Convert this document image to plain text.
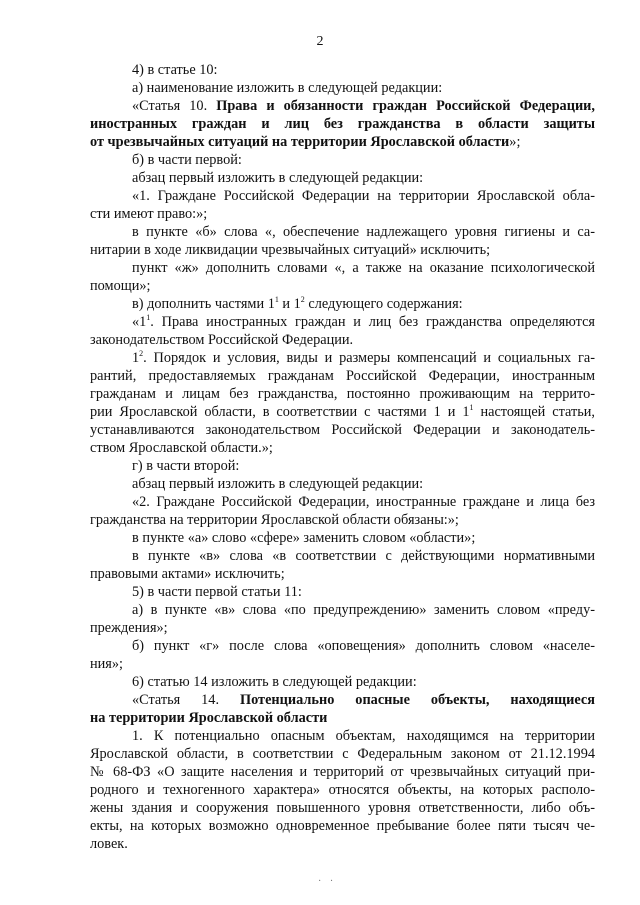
2
4) в статье 10:
а) наименование изложить в следующей редакции:
«Статья 10. Права и обязанности граждан Российской Федерации,
иностранных граждан и лиц без гражданства в области защиты
от чрезвычайных ситуаций на территории Ярославской области»;
б) в части первой:
абзац первый изложить в следующей редакции:
«1. Граждане Российской Федерации на территории Ярославской обла-
сти имеют право:»;
в пункте «б» слова «, обеспечение надлежащего уровня гигиены и са-
нитарии в ходе ликвидации чрезвычайных ситуаций» исключить;
пункт «ж» дополнить словами «, а также на оказание психологической
помощи»;
в) дополнить частями $1^1$ и $1^2$ следующего содержания:
«$1^1$. Права иностранных граждан и лиц без гражданства определяются
законодательством Российской Федерации.
$1^2$. Порядок и условия, виды и размеры компенсаций и социальных га-
рантий, предоставляемых гражданам Российской Федерации, иностранным
гражданам и лицам без гражданства, постоянно проживающим на террито-
рии Ярославской области, в соответствии с частями 1 и $1^1$ настоящей статьи,
устанавливаются законодательством Российской Федерации и законодатель-
ством Ярославской области.»;
г) в части второй:
абзац первый изложить в следующей редакции:
«2. Граждане Российской Федерации, иностранные граждане и лица без
гражданства на территории Ярославской области обязаны:»;
в пункте «а» слово «сфере» заменить словом «области»;
в пункте «в» слова «в соответствии с действующими нормативными
правовыми актами» исключить;
5) в части первой статьи 11:
а) в пункте «в» слова «по предупреждению» заменить словом «преду-
преждения»;
б) пункт «г» после слова «оповещения» дополнить словом «населе-
ния»;
6) статью 14 изложить в следующей редакции:
«Статья 14. Потенциально опасные объекты, находящиеся
на территории Ярославской области
1. К потенциально опасным объектам, находящимся на территории
Ярославской области, в соответствии с Федеральным законом от 21.12.1994
№ 68-ФЗ «О защите населения и территорий от чрезвычайных ситуаций при-
родного и техногенного характера» относятся объекты, на которых располо-
жены здания и сооружения повышенного уровня ответственности, либо объ-
екты, на которых возможно одновременное пребывание более пяти тысяч че-
ловек.
· ·
